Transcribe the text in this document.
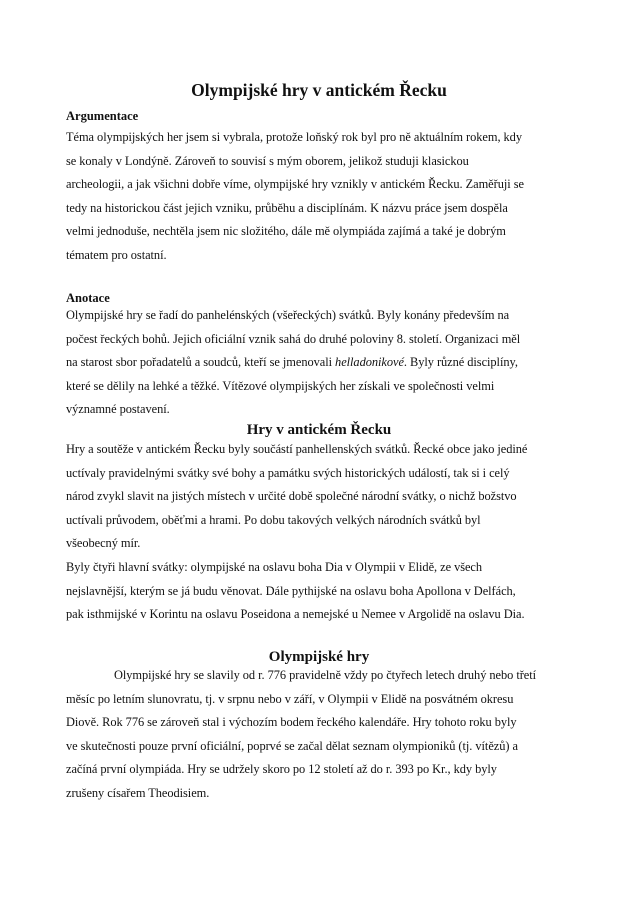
Olympijské hry v antickém Řecku
Argumentace

Téma olympijských her jsem si vybrala, protože loňský rok byl pro ně aktuálním rokem, kdy
se konaly v Londýně. Zároveň to souvisí s mým oborem, jelikož studuji klasickou
archeologii, a jak všichni dobře víme, olympijské hry vznikly v antickém Řecku. Zaměřuji se
tedy na historickou část jejich vzniku, průběhu a disciplínám. K názvu práce jsem dospěla
velmi jednoduše, nechtěla jsem nic složitého, dále mě olympiáda zajímá a také je dobrým
tématem pro ostatní.

Anotace

Olympijské hry se řadí do panhelénských (všeřeckých) svátků. Byly konány především na
počest řeckých bohů. Jejich oficiální vznik sahá do druhé poloviny 8. století. Organizaci měl
na starost sbor pořadatelů a soudců, kteří se jmenovali helladonikové. Byly různé disciplíny,
které se dělily na lehké a těžké. Vítězové olympijských her získali ve společnosti velmi
významné postavení.

Hry v antickém Řecku

Hry a soutěže v antickém Řecku byly součástí panhellenských svátků. Řecké obce jako jediné
uctívaly pravidelnými svátky své bohy a památku svých historických událostí, tak si i celý
národ zvykl slavit na jistých místech v určité době společné národní svátky, o nichž božstvo
uctívali průvodem, oběťmi a hrami. Po dobu takových velkých národních svátků byl
všeobecný mír.
Byly čtyři hlavní svátky: olympijské na oslavu boha Dia v Olympii v Elidě, ze všech
nejslavnější, kterým se já budu věnovat. Dále pythijské na oslavu boha Apollona v Delfách,
pak isthmijské v Korintu na oslavu Poseidona a nemejské u Nemee v Argolidě na oslavu Dia.

Olympijské hry

Olympijské hry se slavily od r. 776 pravidelně vždy po čtyřech letech druhý nebo třetí
měsíc po letním slunovratu, tj. v srpnu nebo v září, v Olympii v Elidě na posvátném okresu
Diově. Rok 776 se zároveň stal i výchozím bodem řeckého kalendáře. Hry tohoto roku byly
ve skutečnosti pouze první oficiální, poprvé se začal dělat seznam olympioniků (tj. vítězů) a
začíná první olympiáda. Hry se udržely skoro po 12 století až do r. 393 po Kr., kdy byly
zrušeny císařem Theodisiem.
